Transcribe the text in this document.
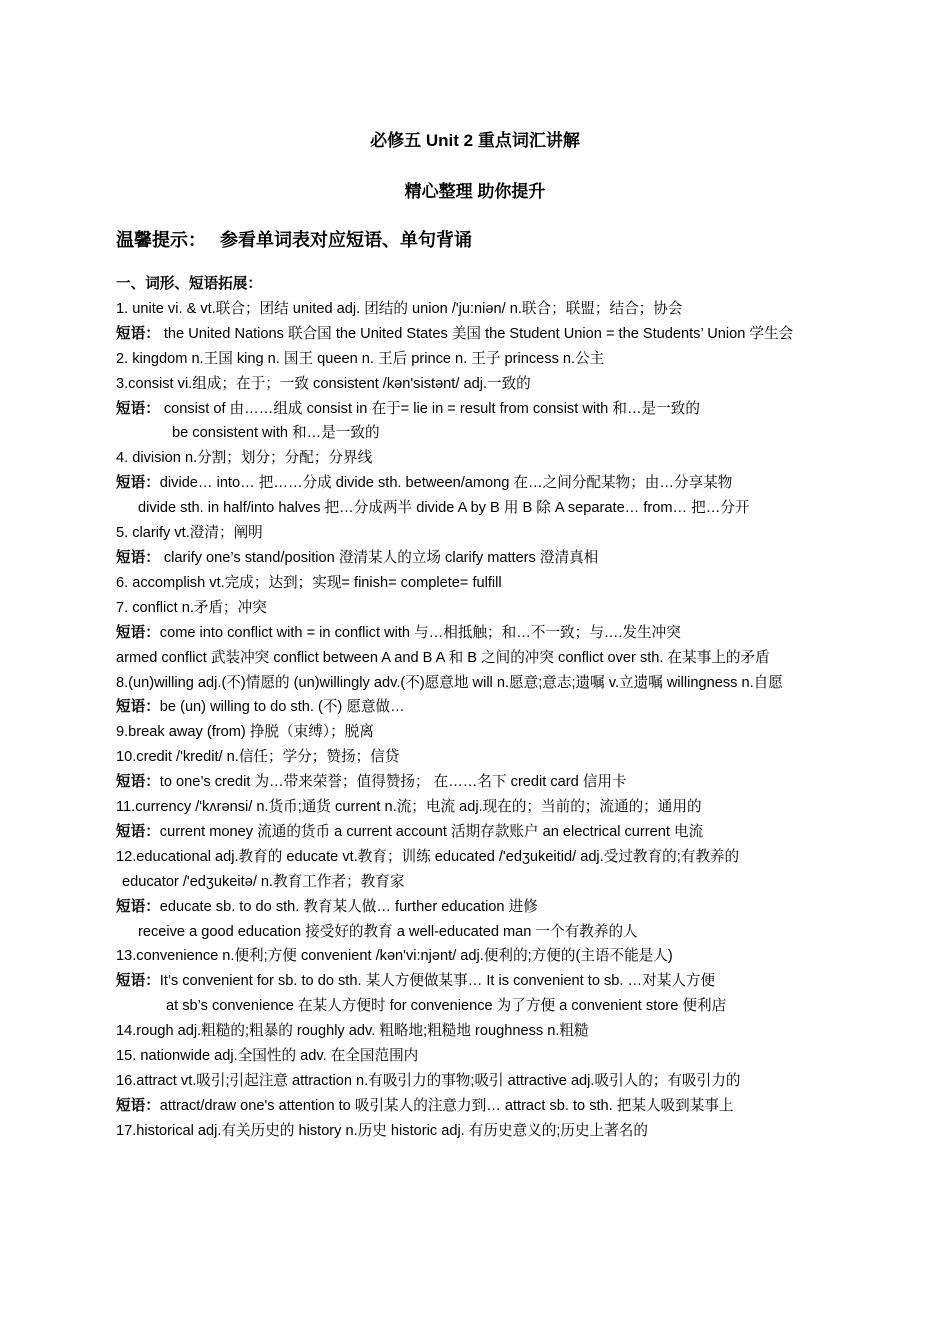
必修五 Unit 2 重点词汇讲解
精心整理 助你提升
温馨提示： 参看单词表对应短语、单句背诵

一、词形、短语拓展：

1. unite vi. & vt.联合；团结 united adj. 团结的 union /'ju:niən/ n.联合；联盟；结合；协会

短语： the United Nations 联合国 the United States 美国 the Student Union = the Students’ Union 学生会

2. kingdom n.王国 king n. 国王 queen n. 王后 prince n. 王子 princess n.公主

3.consist vi.组成；在于；一致 consistent /kən'sistənt/ adj.一致的

短语： consist of 由……组成 consist in 在于= lie in = result from consist with 和…是一致的

be consistent with 和…是一致的

4. division n.分割；划分；分配；分界线

短语：divide… into… 把……分成 divide sth. between/among 在…之间分配某物；由…分享某物

divide sth. in half/into halves 把…分成两半 divide A by B 用 B 除 A separate… from… 把…分开

5. clarify vt.澄清；阐明

短语： clarify one’s stand/position 澄清某人的立场 clarify matters 澄清真相

6. accomplish vt.完成；达到；实现= finish= complete= fulfill

7. conflict n.矛盾；冲突

短语：come into conflict with = in conflict with 与…相抵触；和…不一致；与….发生冲突

armed conflict 武装冲突 conflict between A and B A 和 B 之间的冲突 conflict over sth. 在某事上的矛盾

8.(un)willing adj.(不)情愿的 (un)willingly adv.(不)愿意地 will n.愿意;意志;遗嘱 v.立遗嘱 willingness n.自愿

短语：be (un) willing to do sth. (不) 愿意做…

9.break away (from) 挣脱（束缚）；脱离

10.credit /'kredit/ n.信任；学分；赞扬；信贷

短语：to one’s credit 为…带来荣誉；值得赞扬； 在……名下 credit card 信用卡

11.currency /'kʌrənsi/ n.货币;通货 current n.流；电流 adj.现在的；当前的；流通的；通用的

短语：current money 流通的货币 a current account 活期存款账户 an electrical current 电流

12.educational adj.教育的 educate vt.教育；训练 educated /'edʒukeitid/ adj.受过教育的;有教养的

educator /'edʒukeitə/ n.教育工作者；教育家

短语：educate sb. to do sth. 教育某人做… further education 进修

receive a good education 接受好的教育 a well-educated man 一个有教养的人

13.convenience n.便利;方便 convenient /kən'vi:njənt/ adj.便利的;方便的(主语不能是人)

短语：It’s convenient for sb. to do sth. 某人方便做某事… It is convenient to sb. …对某人方便

at sb’s convenience 在某人方便时 for convenience 为了方便 a convenient store 便利店

14.rough adj.粗糙的;粗暴的 roughly adv. 粗略地;粗糙地 roughness n.粗糙

15. nationwide adj.全国性的 adv. 在全国范围内

16.attract vt.吸引;引起注意 attraction n.有吸引力的事物;吸引 attractive adj.吸引人的；有吸引力的

短语：attract/draw one's attention to 吸引某人的注意力到… attract sb. to sth. 把某人吸到某事上

17.historical adj.有关历史的 history n.历史 historic adj. 有历史意义的;历史上著名的
